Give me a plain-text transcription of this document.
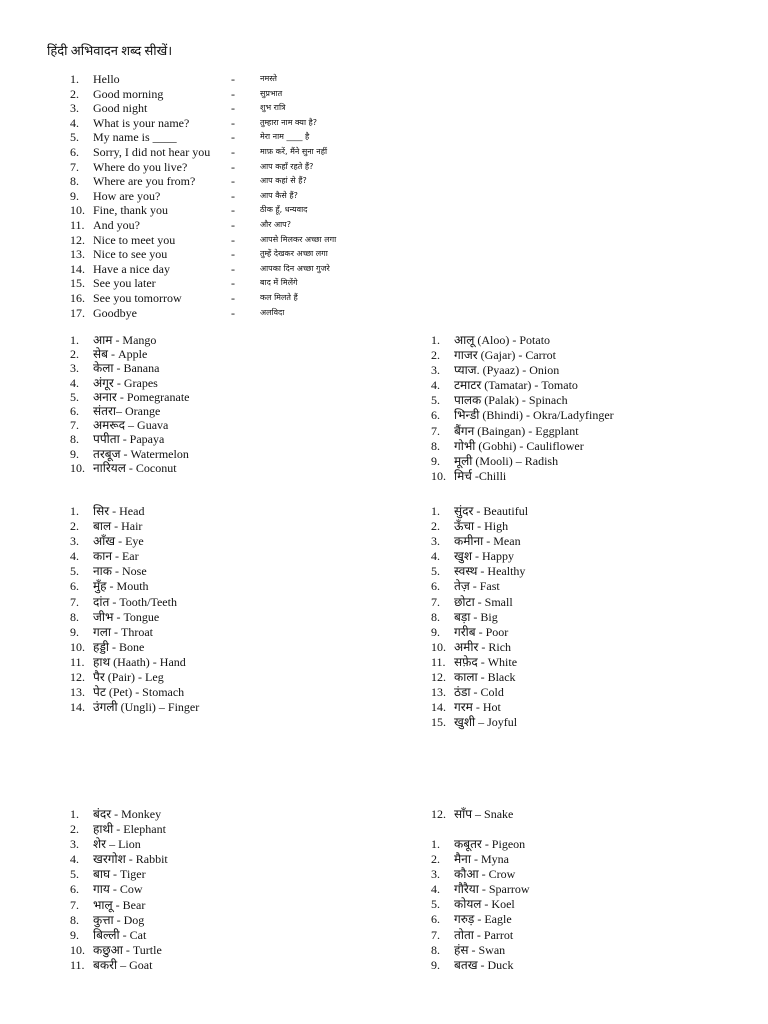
हिंदी अभिवादन शब्द सीखें।
1.	Hello	-	नमस्ते
2.	Good morning	-	सुप्रभात
3.	Good night	-	शुभ रात्रि
4.	What is your name?	-	तुम्हारा नाम क्या है?
5.	My name is ____	-	मेरा नाम ____ है
6.	Sorry, I did not hear you -	माफ़ करें, मैंने सुना नहीं
7.	Where do you live?	-	आप कहाँ रहते हैं?
8.	Where are you from?	-	आप कहां से हैं?
9.	How are you?	-	आप कैसे हैं?
10. Fine, thank you	-	ठीक हूँ, धन्यवाद
11. And you?	-	और आप?
12. Nice to meet you	-	आपसे मिलकर अच्छा लगा
13. Nice to see you	-	तुम्हें देखकर अच्छा लगा
14. Have a nice day	-	आपका दिन अच्छा गुजरे
15. See you later	-	बाद में मिलेंगे
16. See you tomorrow	-	कल मिलते हैं
17. Goodbye	-	अलविदा
1.	आम - Mango
2.	सेब - Apple
3.	केला - Banana
4.	अंगूर - Grapes
5.	अनार - Pomegranate
6.	संतरा– Orange
7.	अमरूद – Guava
8.	पपीता - Papaya
9.	तरबूज - Watermelon
10. नारियल - Coconut
1.	आलू (Aloo) - Potato
2.	गाजर (Gajar) - Carrot
3.	प्याज. (Pyaaz) - Onion
4.	टमाटर (Tamatar) - Tomato
5.	पालक (Palak) - Spinach
6.	भिन्डी (Bhindi) - Okra/Ladyfinger
7.	बैंगन (Baingan) - Eggplant
8.	गोभी (Gobhi) - Cauliflower
9.	मूली (Mooli) – Radish
10. मिर्च -Chilli
1.	सिर - Head
2.	बाल - Hair
3.	आँख - Eye
4.	कान - Ear
5.	नाक - Nose
6.	मुँह - Mouth
7.	दांत - Tooth/Teeth
8.	जीभ - Tongue
9.	गला - Throat
10. हड्डी - Bone
11. हाथ (Haath) - Hand
12. पैर (Pair) - Leg
13. पेट (Pet) - Stomach
14. उंगली (Ungli) – Finger
1.	सुंदर - Beautiful
2.	ऊँचा - High
3.	कमीना - Mean
4.	खुश - Happy
5.	स्वस्थ - Healthy
6.	तेज़ - Fast
7.	छोटा - Small
8.	बड़ा - Big
9.	गरीब - Poor
10. अमीर - Rich
11. सफ़ेद - White
12. काला - Black
13. ठंडा - Cold
14. गरम - Hot
15. खुशी – Joyful
1.	बंदर - Monkey
2.	हाथी - Elephant
3.	शेर – Lion
4.	खरगोश - Rabbit
5.	बाघ - Tiger
6.	गाय - Cow
7.	भालू - Bear
8.	कुत्ता - Dog
9.	बिल्ली - Cat
10. कछुआ - Turtle
11. बकरी – Goat
12. साँप – Snake
1.	कबूतर - Pigeon
2.	मैना - Myna
3.	कौआ - Crow
4.	गौरैया - Sparrow
5.	कोयल - Koel
6.	गरुड़ - Eagle
7.	तोता - Parrot
8.	हंस - Swan
9.	बतख - Duck
